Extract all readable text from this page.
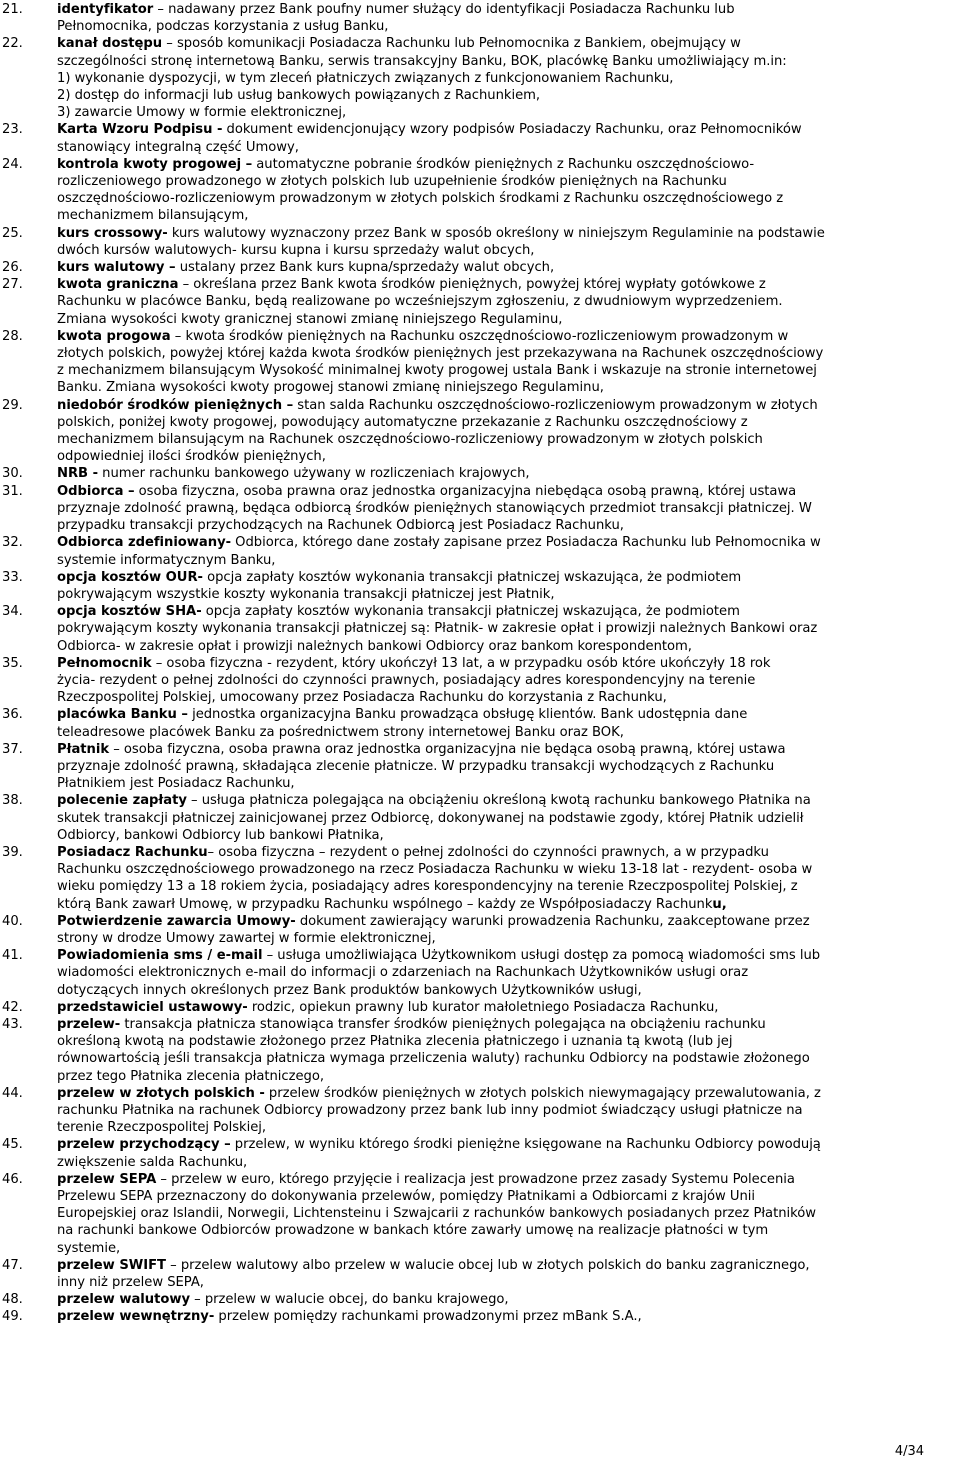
21.	identyfikator – nadawany przez Bank poufny numer służący do identyfikacji Posiadacza Rachunku lub
Pełnomocnika, podczas korzystania z usług Banku,
22.	kanał dostępu – sposób komunikacji Posiadacza Rachunku lub Pełnomocnika z Bankiem, obejmujący w
szczególności stronę internetową Banku, serwis transakcyjny Banku, BOK, placówkę Banku umożliwiający m.in:
1) wykonanie dyspozycji, w tym zleceń płatniczych związanych z funkcjonowaniem Rachunku,
2) dostęp do informacji lub usług bankowych powiązanych z Rachunkiem,
3) zawarcie Umowy w formie elektronicznej,
23.	Karta Wzoru Podpisu - dokument ewidencjonujący wzory podpisów Posiadaczy Rachunku, oraz Pełnomocników
stanowiący integralną część Umowy,
24.	kontrola kwoty progowej – automatyczne pobranie środków pieniężnych z Rachunku oszczędnościowo-
rozliczeniowego prowadzonego w złotych polskich lub uzupełnienie środków pieniężnych na Rachunku
oszczędnościowo-rozliczeniowym prowadzonym w złotych polskich środkami z Rachunku oszczędnościowego z
mechanizmem bilansującym,
25.	kurs crossowy- kurs walutowy wyznaczony przez Bank w sposób określony w niniejszym Regulaminie na podstawie
dwóch kursów walutowych- kursu kupna i kursu sprzedaży walut obcych,
26.	kurs walutowy – ustalany przez Bank kurs kupna/sprzedaży walut obcych,
27.	kwota graniczna – określana przez Bank kwota środków pieniężnych, powyżej której wypłaty gotówkowe z
Rachunku w placówce Banku, będą realizowane po wcześniejszym zgłoszeniu, z dwudniowym wyprzedzeniem.
Zmiana wysokości kwoty granicznej stanowi zmianę niniejszego Regulaminu,
28.	kwota progowa – kwota środków pieniężnych na Rachunku oszczędnościowo-rozliczeniowym prowadzonym w
złotych polskich, powyżej której każda kwota środków pieniężnych jest przekazywana na Rachunek oszczędnościowy
z mechanizmem bilansującym Wysokość minimalnej kwoty progowej ustala Bank i wskazuje na stronie internetowej
Banku. Zmiana wysokości kwoty progowej stanowi zmianę niniejszego Regulaminu,
29.	niedobór środków pieniężnych – stan salda Rachunku oszczędnościowo-rozliczeniowym prowadzonym w złotych
polskich, poniżej kwoty progowej, powodujący automatyczne przekazanie z Rachunku oszczędnościowy z
mechanizmem bilansującym na Rachunek oszczędnościowo-rozliczeniowy prowadzonym w złotych polskich
odpowiedniej ilości środków pieniężnych,
30.	NRB - numer rachunku bankowego używany w rozliczeniach krajowych,
31.	Odbiorca – osoba fizyczna, osoba prawna oraz jednostka organizacyjna niebędąca osobą prawną, której ustawa
przyznaje zdolność prawną, będąca odbiorcą środków pieniężnych stanowiących przedmiot transakcji płatniczej. W
przypadku transakcji przychodzących na Rachunek Odbiorcą jest Posiadacz Rachunku,
32.	Odbiorca zdefiniowany- Odbiorca, którego dane zostały zapisane przez Posiadacza Rachunku lub Pełnomocnika w
systemie informatycznym Banku,
33.	opcja kosztów OUR- opcja zapłaty kosztów wykonania transakcji płatniczej wskazująca, że podmiotem
pokrywającym wszystkie koszty wykonania transakcji płatniczej jest Płatnik,
34.	opcja kosztów SHA- opcja zapłaty kosztów wykonania transakcji płatniczej wskazująca, że podmiotem
pokrywającym koszty wykonania transakcji płatniczej są: Płatnik- w zakresie opłat i prowizji należnych Bankowi oraz
Odbiorca- w zakresie opłat i prowizji należnych bankowi Odbiorcy oraz bankom korespondentom,
35.	Pełnomocnik – osoba fizyczna - rezydent, który ukończył 13 lat, a w przypadku osób które ukończyły 18 rok
życia- rezydent o pełnej zdolności do czynności prawnych, posiadający adres korespondencyjny na terenie
Rzeczpospolitej Polskiej, umocowany przez Posiadacza Rachunku do korzystania z Rachunku,
36.	placówka Banku – jednostka organizacyjna Banku prowadząca obsługę klientów. Bank udostępnia dane
teleadresowe placówek Banku za pośrednictwem strony internetowej Banku oraz BOK,
37.	Płatnik – osoba fizyczna, osoba prawna oraz jednostka organizacyjna nie będąca osobą prawną, której ustawa
przyznaje zdolność prawną, składająca zlecenie płatnicze. W przypadku transakcji wychodzących z Rachunku
Płatnikiem jest Posiadacz Rachunku,
38.	polecenie zapłaty – usługa płatnicza polegająca na obciążeniu określoną kwotą rachunku bankowego Płatnika na
skutek transakcji płatniczej zainicjowanej przez Odbiorcę, dokonywanej na podstawie zgody, której Płatnik udzielił
Odbiorcy, bankowi Odbiorcy lub bankowi Płatnika,
39.	Posiadacz Rachunku– osoba fizyczna – rezydent o pełnej zdolności do czynności prawnych, a w przypadku
Rachunku oszczędnościowego prowadzonego na rzecz Posiadacza Rachunku w wieku 13-18 lat - rezydent- osoba w
wieku pomiędzy 13 a 18 rokiem życia, posiadający adres korespondencyjny na terenie Rzeczpospolitej Polskiej, z
którą Bank zawarł Umowę, w przypadku Rachunku wspólnego – każdy ze Współposiadaczy Rachunku,
40.	Potwierdzenie zawarcia Umowy- dokument zawierający warunki prowadzenia Rachunku, zaakceptowane przez
strony w drodze Umowy zawartej w formie elektronicznej,
41.	Powiadomienia sms / e-mail – usługa umożliwiająca Użytkownikom usługi dostęp za pomocą wiadomości sms lub
wiadomości elektronicznych e-mail do informacji o zdarzeniach na Rachunkach Użytkowników usługi oraz
dotyczących innych określonych przez Bank produktów bankowych Użytkowników usługi,
42.	przedstawiciel ustawowy- rodzic, opiekun prawny lub kurator małoletniego Posiadacza Rachunku,
43.	przelew- transakcja płatnicza stanowiąca transfer środków pieniężnych polegająca na obciążeniu rachunku
określoną kwotą na podstawie złożonego przez Płatnika zlecenia płatniczego i uznania tą kwotą (lub jej
równowartością jeśli transakcja płatnicza wymaga przeliczenia waluty) rachunku Odbiorcy na podstawie złożonego
przez tego Płatnika zlecenia płatniczego,
44.	przelew w złotych polskich - przelew środków pieniężnych w złotych polskich niewymagający przewalutowania, z
rachunku Płatnika na rachunek Odbiorcy prowadzony przez bank lub inny podmiot świadczący usługi płatnicze na
terenie Rzeczpospolitej Polskiej,
45.	przelew przychodzący – przelew, w wyniku którego środki pieniężne księgowane na Rachunku Odbiorcy powodują
zwiększenie salda Rachunku,
46.	przelew SEPA – przelew w euro, którego przyjęcie i realizacja jest prowadzone przez zasady Systemu Polecenia
Przelewu SEPA przeznaczony do dokonywania przelewów, pomiędzy Płatnikami a Odbiorcami z krajów Unii
Europejskiej oraz Islandii, Norwegii, Lichtensteinu i Szwajcarii z rachunków bankowych posiadanych przez Płatników
na rachunki bankowe Odbiorców prowadzone w bankach które zawarły umowę na realizacje płatności w tym
systemie,
47.	przelew SWIFT – przelew walutowy albo przelew w walucie obcej lub w złotych polskich do banku zagranicznego,
inny niż przelew SEPA,
48.	przelew walutowy – przelew w walucie obcej, do banku krajowego,
49.	przelew wewnętrzny- przelew pomiędzy rachunkami prowadzonymi przez mBank S.A.,
4/34
